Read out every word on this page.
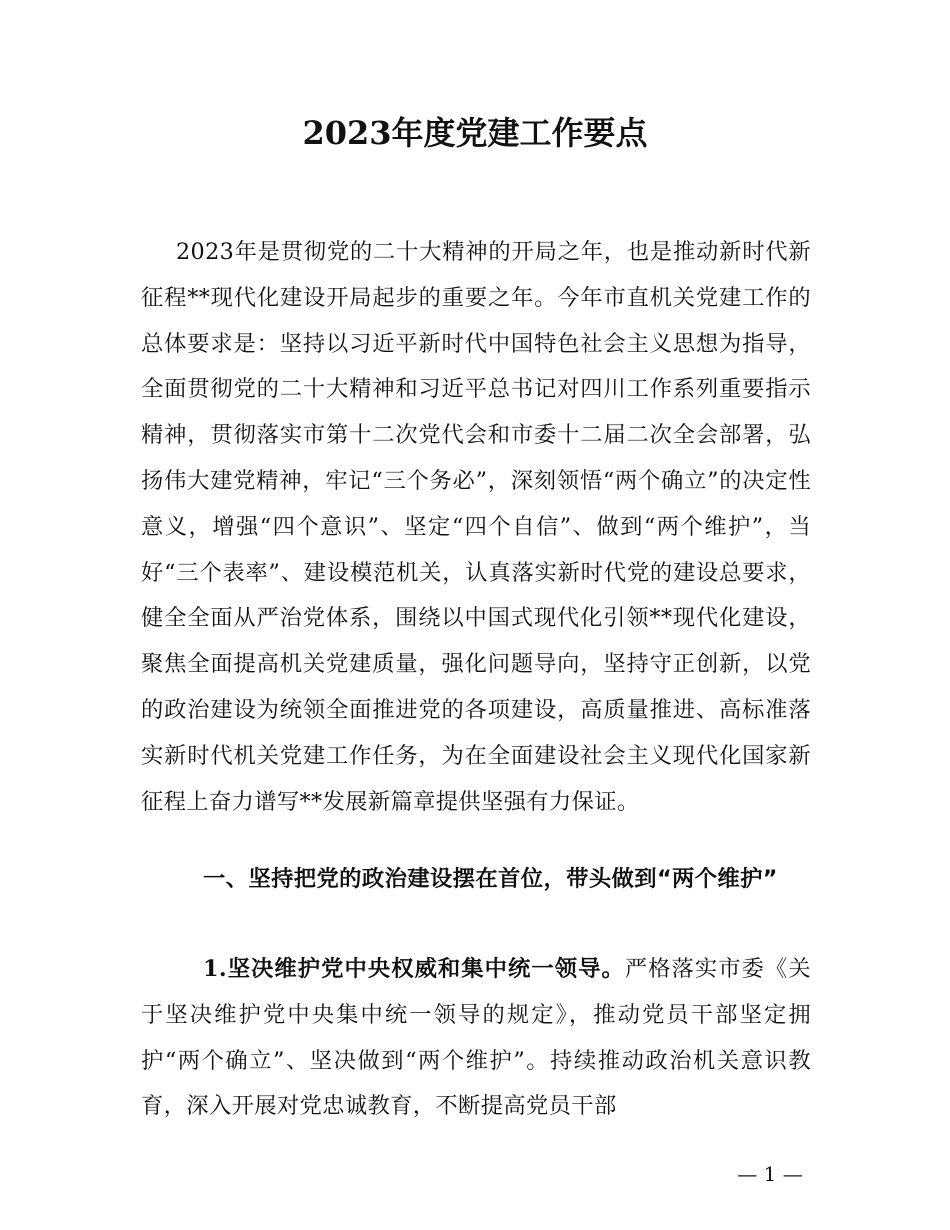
2023年度党建工作要点

2023年是贯彻党的二十大精神的开局之年，也是推动新时代新征程**现代化建设开局起步的重要之年。今年市直机关党建工作的总体要求是：坚持以习近平新时代中国特色社会主义思想为指导，全面贯彻党的二十大精神和习近平总书记对四川工作系列重要指示精神，贯彻落实市第十二次党代会和市委十二届二次全会部署，弘扬伟大建党精神，牢记“三个务必”，深刻领悟“两个确立”的决定性意义，增强“四个意识”、坚定“四个自信”、做到“两个维护”，当好“三个表率”、建设模范机关，认真落实新时代党的建设总要求，健全全面从严治党体系，围绕以中国式现代化引领**现代化建设，聚焦全面提高机关党建质量，强化问题导向，坚持守正创新，以党的政治建设为统领全面推进党的各项建设，高质量推进、高标准落实新时代机关党建工作任务，为在全面建设社会主义现代化国家新征程上奋力谱写**发展新篇章提供坚强有力保证。

一、坚持把党的政治建设摆在首位，带头做到“两个维护”

1.坚决维护党中央权威和集中统一领导。严格落实市委《关于坚决维护党中央集中统一领导的规定》，推动党员干部坚定拥护“两个确立”、坚决做到“两个维护”。持续推动政治机关意识教育，深入开展对党忠诚教育，不断提高党员干部

— 1 —
